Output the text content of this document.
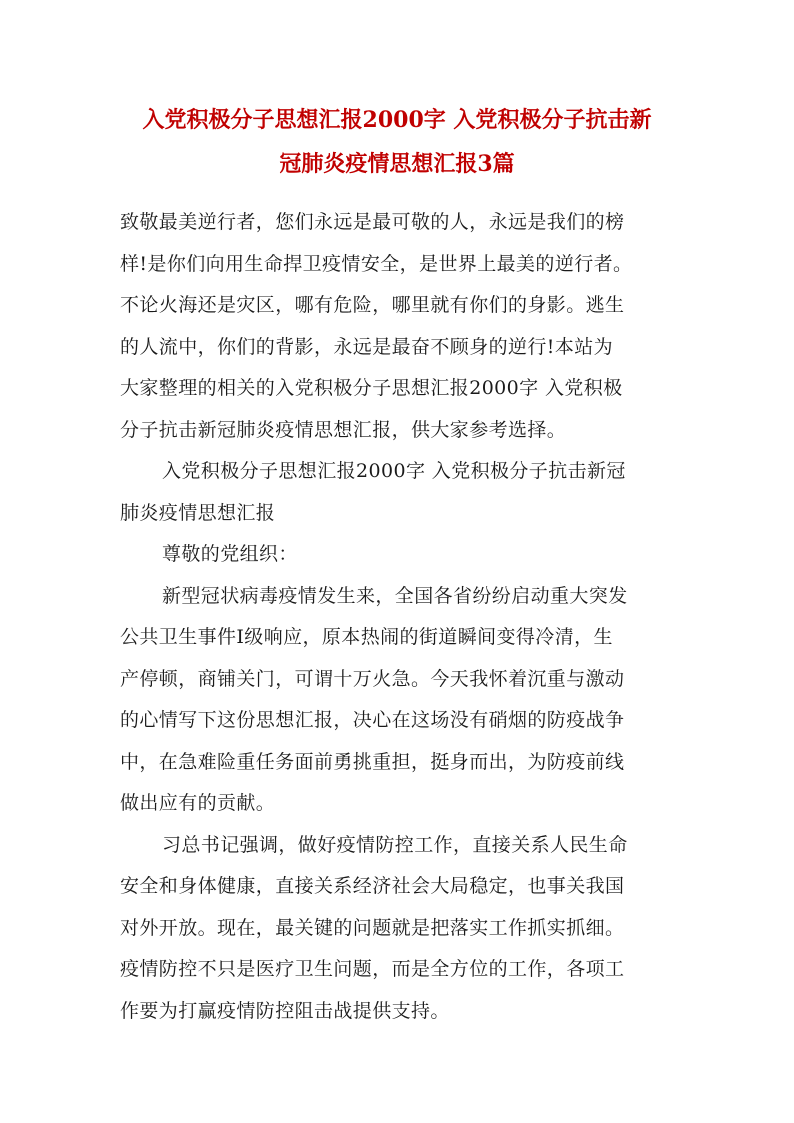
入党积极分子思想汇报2000字 入党积极分子抗击新
冠肺炎疫情思想汇报3篇
致敬最美逆行者，您们永远是最可敬的人，永远是我们的榜
样!是你们向用生命捍卫疫情安全，是世界上最美的逆行者。
不论火海还是灾区，哪有危险，哪里就有你们的身影。逃生
的人流中，你们的背影，永远是最奋不顾身的逆行!本站为
大家整理的相关的入党积极分子思想汇报2000字 入党积极
分子抗击新冠肺炎疫情思想汇报，供大家参考选择。
入党积极分子思想汇报2000字 入党积极分子抗击新冠
肺炎疫情思想汇报
尊敬的党组织：
新型冠状病毒疫情发生来，全国各省纷纷启动重大突发
公共卫生事件Ⅰ级响应，原本热闹的街道瞬间变得冷清，生
产停顿，商铺关门，可谓十万火急。今天我怀着沉重与激动
的心情写下这份思想汇报，决心在这场没有硝烟的防疫战争
中，在急难险重任务面前勇挑重担，挺身而出，为防疫前线
做出应有的贡献。
习总书记强调，做好疫情防控工作，直接关系人民生命
安全和身体健康，直接关系经济社会大局稳定，也事关我国
对外开放。现在，最关键的问题就是把落实工作抓实抓细。
疫情防控不只是医疗卫生问题，而是全方位的工作，各项工
作要为打赢疫情防控阻击战提供支持。
